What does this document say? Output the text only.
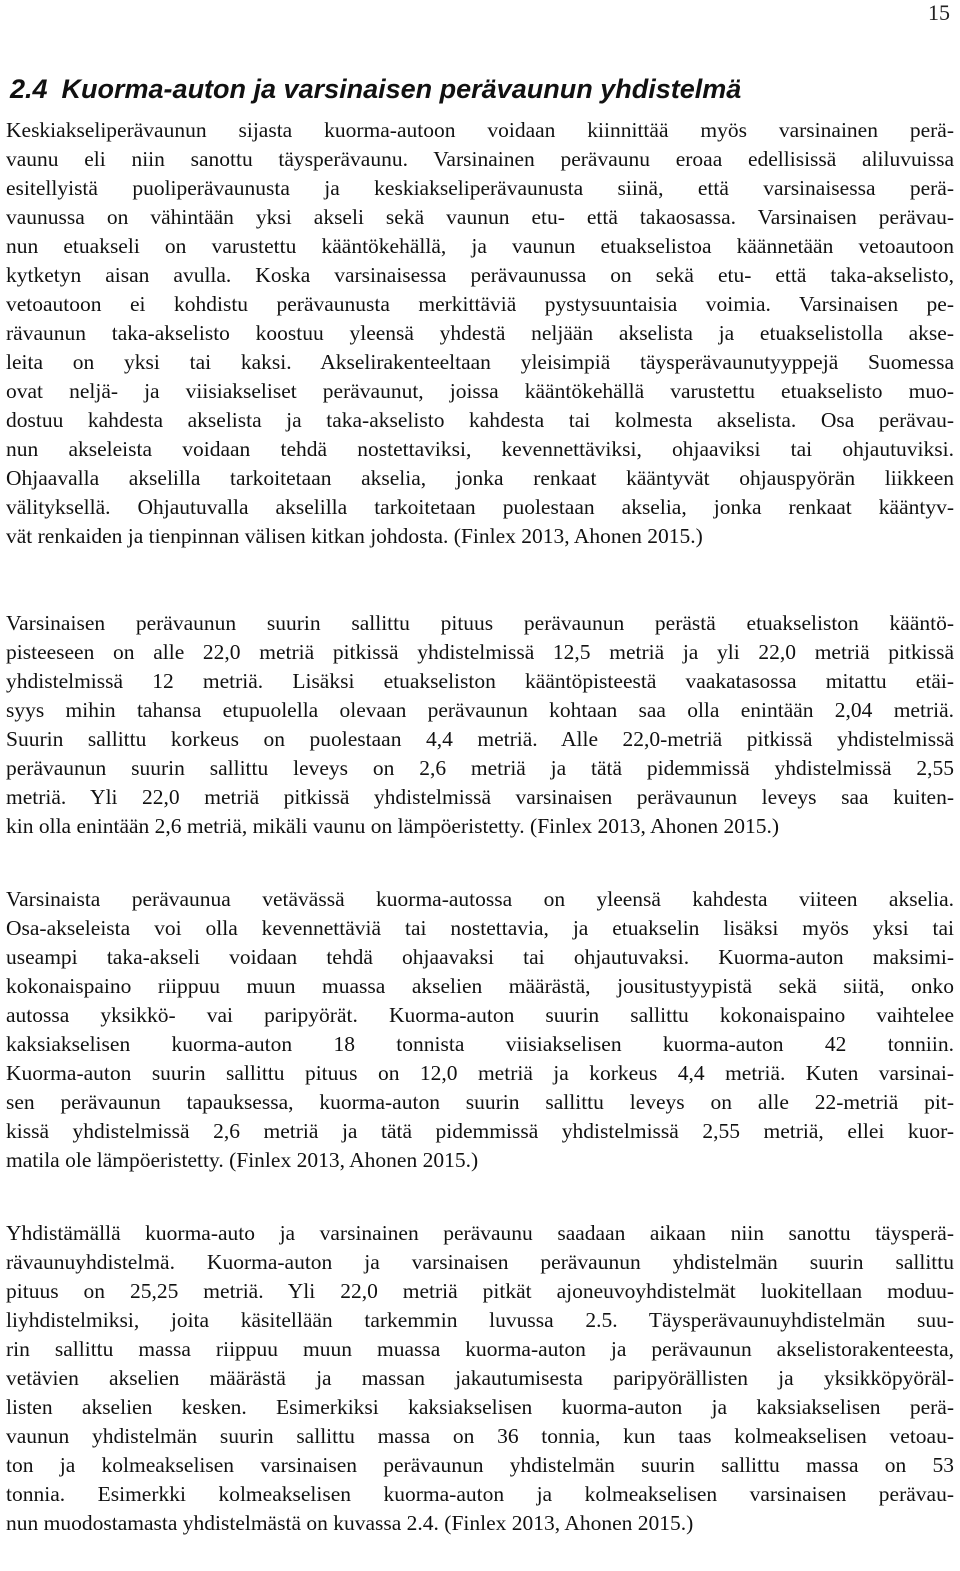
15
2.4 Kuorma-auton ja varsinaisen perävaunun yhdistelmä

Keskiakseliperävaunun sijasta kuorma-autoon voidaan kiinnittää myös varsinainen perä-
vaunu eli niin sanottu täysperävaunu. Varsinainen perävaunu eroaa edellisissä aliluvuissa
esitellyistä puoliperävaunusta ja keskiakseliperävaunusta siinä, että varsinaisessa perä-
vaunussa on vähintään yksi akseli sekä vaunun etu- että takaosassa. Varsinaisen perävau-
nun etuakseli on varustettu kääntökehällä, ja vaunun etuakselistoa käännetään vetoautoon
kytketyn aisan avulla. Koska varsinaisessa perävaunussa on sekä etu- että taka-akselisto,
vetoautoon ei kohdistu perävaunusta merkittäviä pystysuuntaisia voimia. Varsinaisen pe-
rävaunun taka-akselisto koostuu yleensä yhdestä neljään akselista ja etuakselistolla akse-
leita on yksi tai kaksi. Akselirakenteeltaan yleisimpiä täysperävaunutyyppejä Suomessa
ovat neljä- ja viisiakseliset perävaunut, joissa kääntökehällä varustettu etuakselisto muo-
dostuu kahdesta akselista ja taka-akselisto kahdesta tai kolmesta akselista. Osa perävau-
nun akseleista voidaan tehdä nostettaviksi, kevennettäviksi, ohjaaviksi tai ohjautuviksi.
Ohjaavalla akselilla tarkoitetaan akselia, jonka renkaat kääntyvät ohjauspyörän liikkeen
välityksellä. Ohjautuvalla akselilla tarkoitetaan puolestaan akselia, jonka renkaat kääntyv-
vät renkaiden ja tienpinnan välisen kitkan johdosta. (Finlex 2013, Ahonen 2015.)

Varsinaisen perävaunun suurin sallittu pituus perävaunun perästä etuakseliston kääntö-
pisteeseen on alle 22,0 metriä pitkissä yhdistelmissä 12,5 metriä ja yli 22,0 metriä pitkissä
yhdistelmissä 12 metriä. Lisäksi etuakseliston kääntöpisteestä vaakatasossa mitattu etäi-
syys mihin tahansa etupuolella olevaan perävaunun kohtaan saa olla enintään 2,04 metriä.
Suurin sallittu korkeus on puolestaan 4,4 metriä. Alle 22,0-metriä pitkissä yhdistelmissä
perävaunun suurin sallittu leveys on 2,6 metriä ja tätä pidemmissä yhdistelmissä 2,55
metriä. Yli 22,0 metriä pitkissä yhdistelmissä varsinaisen perävaunun leveys saa kuiten-
kin olla enintään 2,6 metriä, mikäli vaunu on lämpöeristetty. (Finlex 2013, Ahonen 2015.)

Varsinaista perävaunua vetävässä kuorma-autossa on yleensä kahdesta viiteen akselia.
Osa-akseleista voi olla kevennettäviä tai nostettavia, ja etuakselin lisäksi myös yksi tai
useampi taka-akseli voidaan tehdä ohjaavaksi tai ohjautuvaksi. Kuorma-auton maksimi-
kokonaispaino riippuu muun muassa akselien määrästä, jousitustyypistä sekä siitä, onko
autossa yksikkö- vai paripyörät. Kuorma-auton suurin sallittu kokonaispaino vaihtelee
kaksiakselisen kuorma-auton 18 tonnista viisiakselisen kuorma-auton 42 tonniin.
Kuorma-auton suurin sallittu pituus on 12,0 metriä ja korkeus 4,4 metriä. Kuten varsinai-
sen perävaunun tapauksessa, kuorma-auton suurin sallittu leveys on alle 22-metriä pit-
kissä yhdistelmissä 2,6 metriä ja tätä pidemmissä yhdistelmissä 2,55 metriä, ellei kuor-
matila ole lämpöeristetty. (Finlex 2013, Ahonen 2015.)

Yhdistämällä kuorma-auto ja varsinainen perävaunu saadaan aikaan niin sanottu täysperä-
rävaunuyhdistelmä. Kuorma-auton ja varsinaisen perävaunun yhdistelmän suurin sallittu
pituus on 25,25 metriä. Yli 22,0 metriä pitkät ajoneuvoyhdistelmät luokitellaan moduu-
liyhdistelmiksi, joita käsitellään tarkemmin luvussa 2.5. Täysperävaunuyhdistelmän suu-
rin sallittu massa riippuu muun muassa kuorma-auton ja perävaunun akselistorakenteesta,
vetävien akselien määrästä ja massan jakautumisesta paripyörällisten ja yksikköpyöräl-
listen akselien kesken. Esimerkiksi kaksiakselisen kuorma-auton ja kaksiakselisen perä-
vaunun yhdistelmän suurin sallittu massa on 36 tonnia, kun taas kolmeakselisen vetoau-
ton ja kolmeakselisen varsinaisen perävaunun yhdistelmän suurin sallittu massa on 53
tonnia. Esimerkki kolmeakselisen kuorma-auton ja kolmeakselisen varsinaisen perävau-
nun muodostamasta yhdistelmästä on kuvassa 2.4. (Finlex 2013, Ahonen 2015.)
